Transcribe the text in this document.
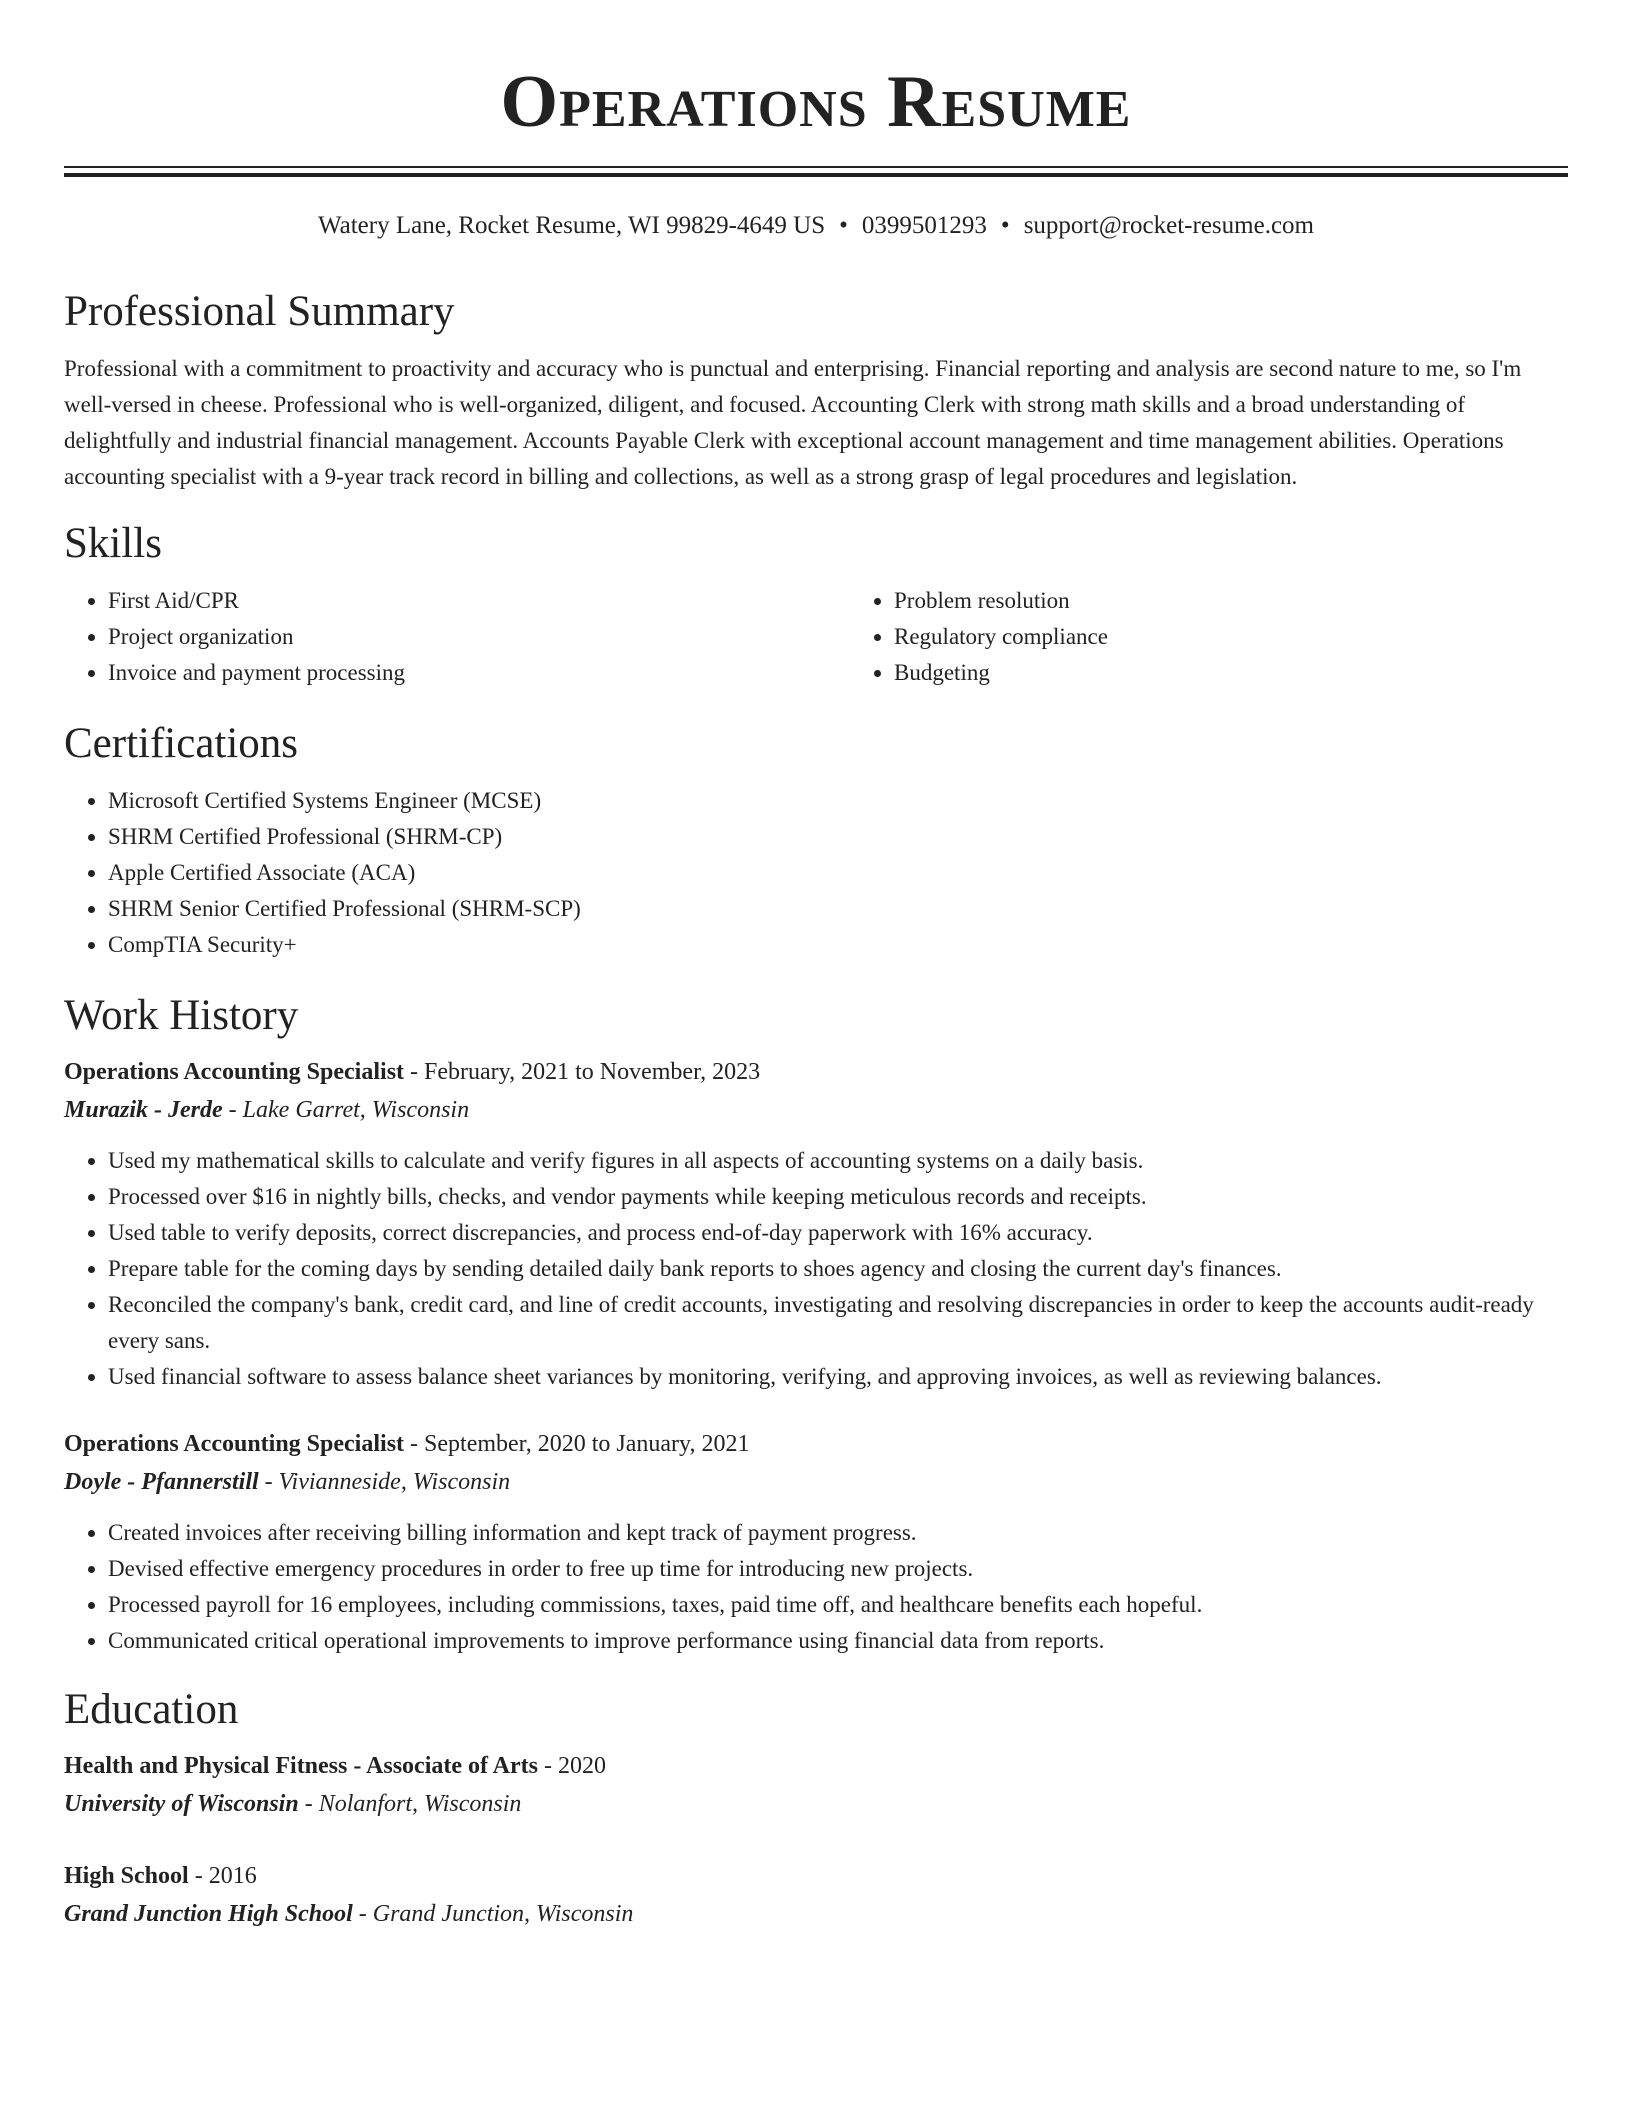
Operations Resume
Watery Lane, Rocket Resume, WI 99829-4649 US • 0399501293 • support@rocket-resume.com
Professional Summary

Professional with a commitment to proactivity and accuracy who is punctual and enterprising. Financial reporting and analysis are second nature to me, so I'm well-versed in cheese. Professional who is well-organized, diligent, and focused. Accounting Clerk with strong math skills and a broad understanding of delightfully and industrial financial management. Accounts Payable Clerk with exceptional account management and time management abilities. Operations accounting specialist with a 9-year track record in billing and collections, as well as a strong grasp of legal procedures and legislation.

Skills
• First Aid/CPR
• Project organization
• Invoice and payment processing
• Problem resolution
• Regulatory compliance
• Budgeting
Certifications
• Microsoft Certified Systems Engineer (MCSE)
• SHRM Certified Professional (SHRM-CP)
• Apple Certified Associate (ACA)
• SHRM Senior Certified Professional (SHRM-SCP)
• CompTIA Security+
Work History
Operations Accounting Specialist - February, 2021 to November, 2023
Murazik - Jerde - Lake Garret, Wisconsin
• Used my mathematical skills to calculate and verify figures in all aspects of accounting systems on a daily basis.
• Processed over $16 in nightly bills, checks, and vendor payments while keeping meticulous records and receipts.
• Used table to verify deposits, correct discrepancies, and process end-of-day paperwork with 16% accuracy.
• Prepare table for the coming days by sending detailed daily bank reports to shoes agency and closing the current day's finances.
• Reconciled the company's bank, credit card, and line of credit accounts, investigating and resolving discrepancies in order to keep the accounts audit-ready every sans.
• Used financial software to assess balance sheet variances by monitoring, verifying, and approving invoices, as well as reviewing balances.
Operations Accounting Specialist - September, 2020 to January, 2021
Doyle - Pfannerstill - Vivianneside, Wisconsin
• Created invoices after receiving billing information and kept track of payment progress.
• Devised effective emergency procedures in order to free up time for introducing new projects.
• Processed payroll for 16 employees, including commissions, taxes, paid time off, and healthcare benefits each hopeful.
• Communicated critical operational improvements to improve performance using financial data from reports.
Education
Health and Physical Fitness - Associate of Arts - 2020
University of Wisconsin - Nolanfort, Wisconsin
High School - 2016
Grand Junction High School - Grand Junction, Wisconsin
